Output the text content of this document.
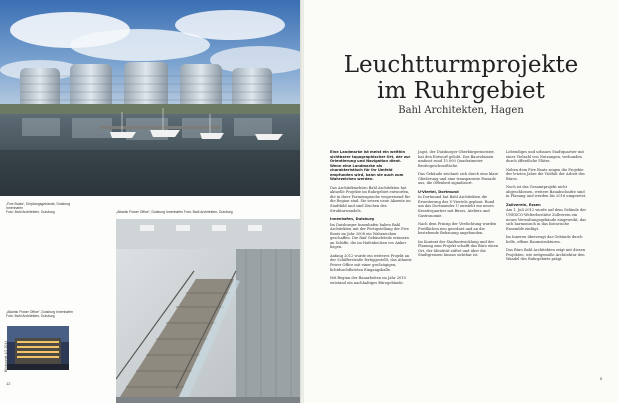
„Five Boats“, Empfangsgebäude, Duisburg Innenhafen
Foto: Bahl Architekten, Duisburg	„Atlantic Power Office“, Duisburg Innenhafen Foto: Bahl Architekten, Duisburg
„Atlantic Power Office“, Duisburg Innenhafen
Foto: Bahl Architekten, Duisburg
Blickpunkt 1/2 2014
12
Leuchtturmprojekte
im Ruhrgebiet
Bahl Architekten, Hagen

Eine Landmarke ist meist ein weithin sichtbarer topographischer Ort, der zur Orientierung und Navigation dient. Wenn eine Landmarke als charakteristisch für ihr Umfeld empfunden wird, kann sie auch zum Wahrzeichen werden.

Das Architekturbüro Bahl Architekten hat aktuelle Projekte im Ruhrgebiet entworfen, die in ihrer Formensprache wegweisend für die Region sind. Sie setzen neue Akzente im Stadtbild und sind Zeichen des Strukturwandels.

Innenhafen, Duisburg

Im Duisburger Innenhafen haben Bahl Architekten mit der Fertigstellung der Five Boats im Jahr 2008 ein Wahrzeichen geschaffen. Die fünf Gebäudeteile erinnern an Schiffe, die im Hafenbecken vor Anker liegen.

Anfang 2012 wurde ein weiteres Projekt an der Schifferstraße fertiggestellt, das Atlantic Power Office mit einer großzügigen, lichtdurchfluteten Eingangshalle.

Mit Beginn der Bauarbeiten im Jahr 2010 entstand ein nachhaltiges Bürogebäude.

Jagst, der Duisburger Oberbürgermeister, hat den Entwurf gelobt. Das Bauvolumen umfasst rund 15.000 Quadratmeter Bruttogeschossfläche.

Das Gebäude zeichnet sich durch eine klare Gliederung und eine transparente Fassade aus, die Offenheit signalisiert.

U-Viertel, Dortmund

In Dortmund hat Bahl Architekten die Erweiterung des U-Viertels geplant. Rund um das Dortmunder U entsteht ein neues Kreativquartier mit Büros, Ateliers und Gastronomie.

Nach dem Prinzip der Verdichtung wurden Freiflächen neu geordnet und an die bestehende Bebauung angebunden.

Im Kontext der Stadtentwicklung und der Planung zum Projekt schafft das Büro einen Ort, der Identität stiftet und über die Stadtgrenzen hinaus sichtbar ist.

Lebendiges und urbanes Stadtquartier mit einer Vielzahl von Nutzungen, verbunden durch öffentliche Plätze.

Neben dem Five Boats zeigen die Projekte der letzten Jahre die Vielfalt der Arbeit des Büros.

Noch ist das Gesamtprojekt nicht abgeschlossen, weitere Bauabschnitte sind in Planung und werden bis 2016 umgesetzt.

Zollverein, Essen

Am 1. Juli 2012 wurde auf dem Gelände der UNESCO-Welterbestätte Zollverein ein neues Verwaltungsgebäude eingeweiht, das sich harmonisch in das historische Ensemble einfügt.

Im Inneren überzeugt das Gebäude durch helle, offene Raumstrukturen.

Das Büro Bahl Architekten zeigt mit diesen Projekten, wie zeitgemäße Architektur den Wandel des Ruhrgebiets prägt.

5
